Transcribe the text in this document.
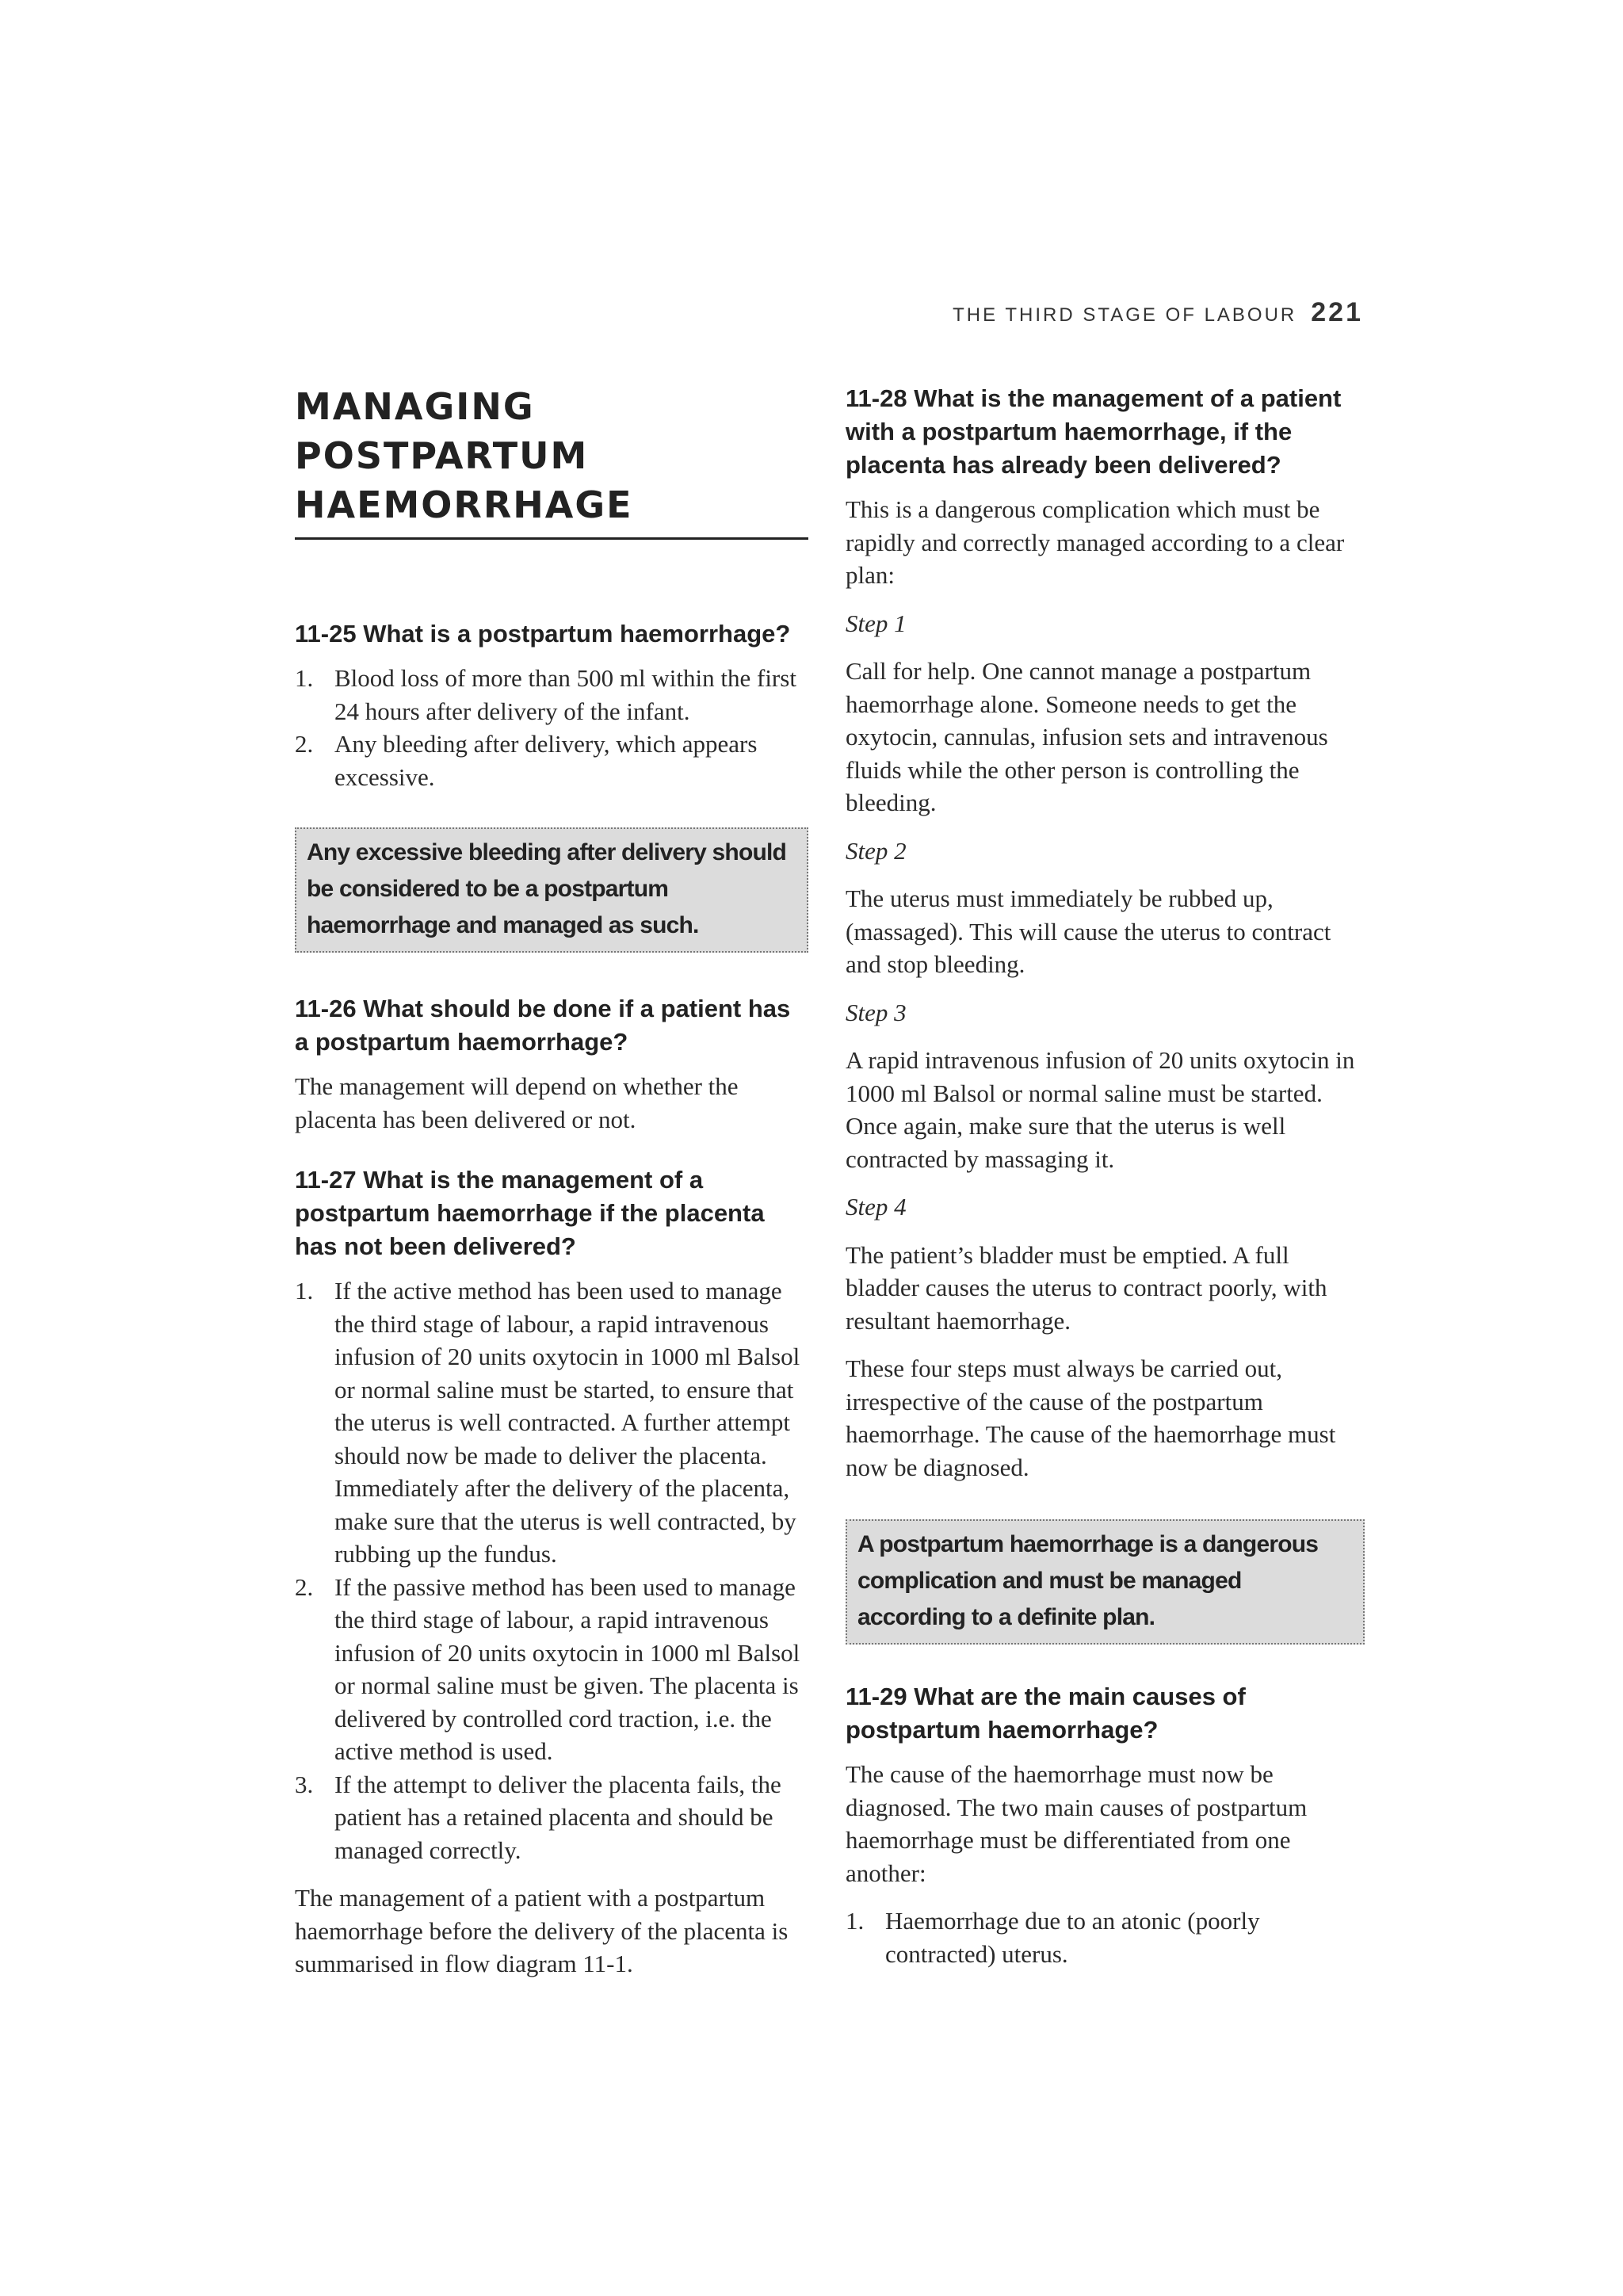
THE THIRD STAGE OF LABOUR 221
MANAGING POSTPARTUM HAEMORRHAGE
11-25 What is a postpartum haemorrhage?
1. Blood loss of more than 500 ml within the first 24 hours after delivery of the infant.
2. Any bleeding after delivery, which appears excessive.
Any excessive bleeding after delivery should be considered to be a postpartum haemorrhage and managed as such.
11-26 What should be done if a patient has a postpartum haemorrhage?

The management will depend on whether the placenta has been delivered or not.

11-27 What is the management of a postpartum haemorrhage if the placenta has not been delivered?
1. If the active method has been used to manage the third stage of labour, a rapid intravenous infusion of 20 units oxytocin in 1000 ml Balsol or normal saline must be started, to ensure that the uterus is well contracted. A further attempt should now be made to deliver the placenta. Immediately after the delivery of the placenta, make sure that the uterus is well contracted, by rubbing up the fundus.
2. If the passive method has been used to manage the third stage of labour, a rapid intravenous infusion of 20 units oxytocin in 1000 ml Balsol or normal saline must be given. The placenta is delivered by controlled cord traction, i.e. the active method is used.
3. If the attempt to deliver the placenta fails, the patient has a retained placenta and should be managed correctly.

The management of a patient with a postpartum haemorrhage before the delivery of the placenta is summarised in flow diagram 11-1.

11-28 What is the management of a patient with a postpartum haemorrhage, if the placenta has already been delivered?

This is a dangerous complication which must be rapidly and correctly managed according to a clear plan:

Step 1

Call for help. One cannot manage a postpartum haemorrhage alone. Someone needs to get the oxytocin, cannulas, infusion sets and intravenous fluids while the other person is controlling the bleeding.

Step 2

The uterus must immediately be rubbed up, (massaged). This will cause the uterus to contract and stop bleeding.

Step 3

A rapid intravenous infusion of 20 units oxytocin in 1000 ml Balsol or normal saline must be started. Once again, make sure that the uterus is well contracted by massaging it.

Step 4

The patient’s bladder must be emptied. A full bladder causes the uterus to contract poorly, with resultant haemorrhage.

These four steps must always be carried out, irrespective of the cause of the postpartum haemorrhage. The cause of the haemorrhage must now be diagnosed.

A postpartum haemorrhage is a dangerous complication and must be managed according to a definite plan.
11-29 What are the main causes of postpartum haemorrhage?

The cause of the haemorrhage must now be diagnosed. The two main causes of postpartum haemorrhage must be differentiated from one another:

1. Haemorrhage due to an atonic (poorly contracted) uterus.
